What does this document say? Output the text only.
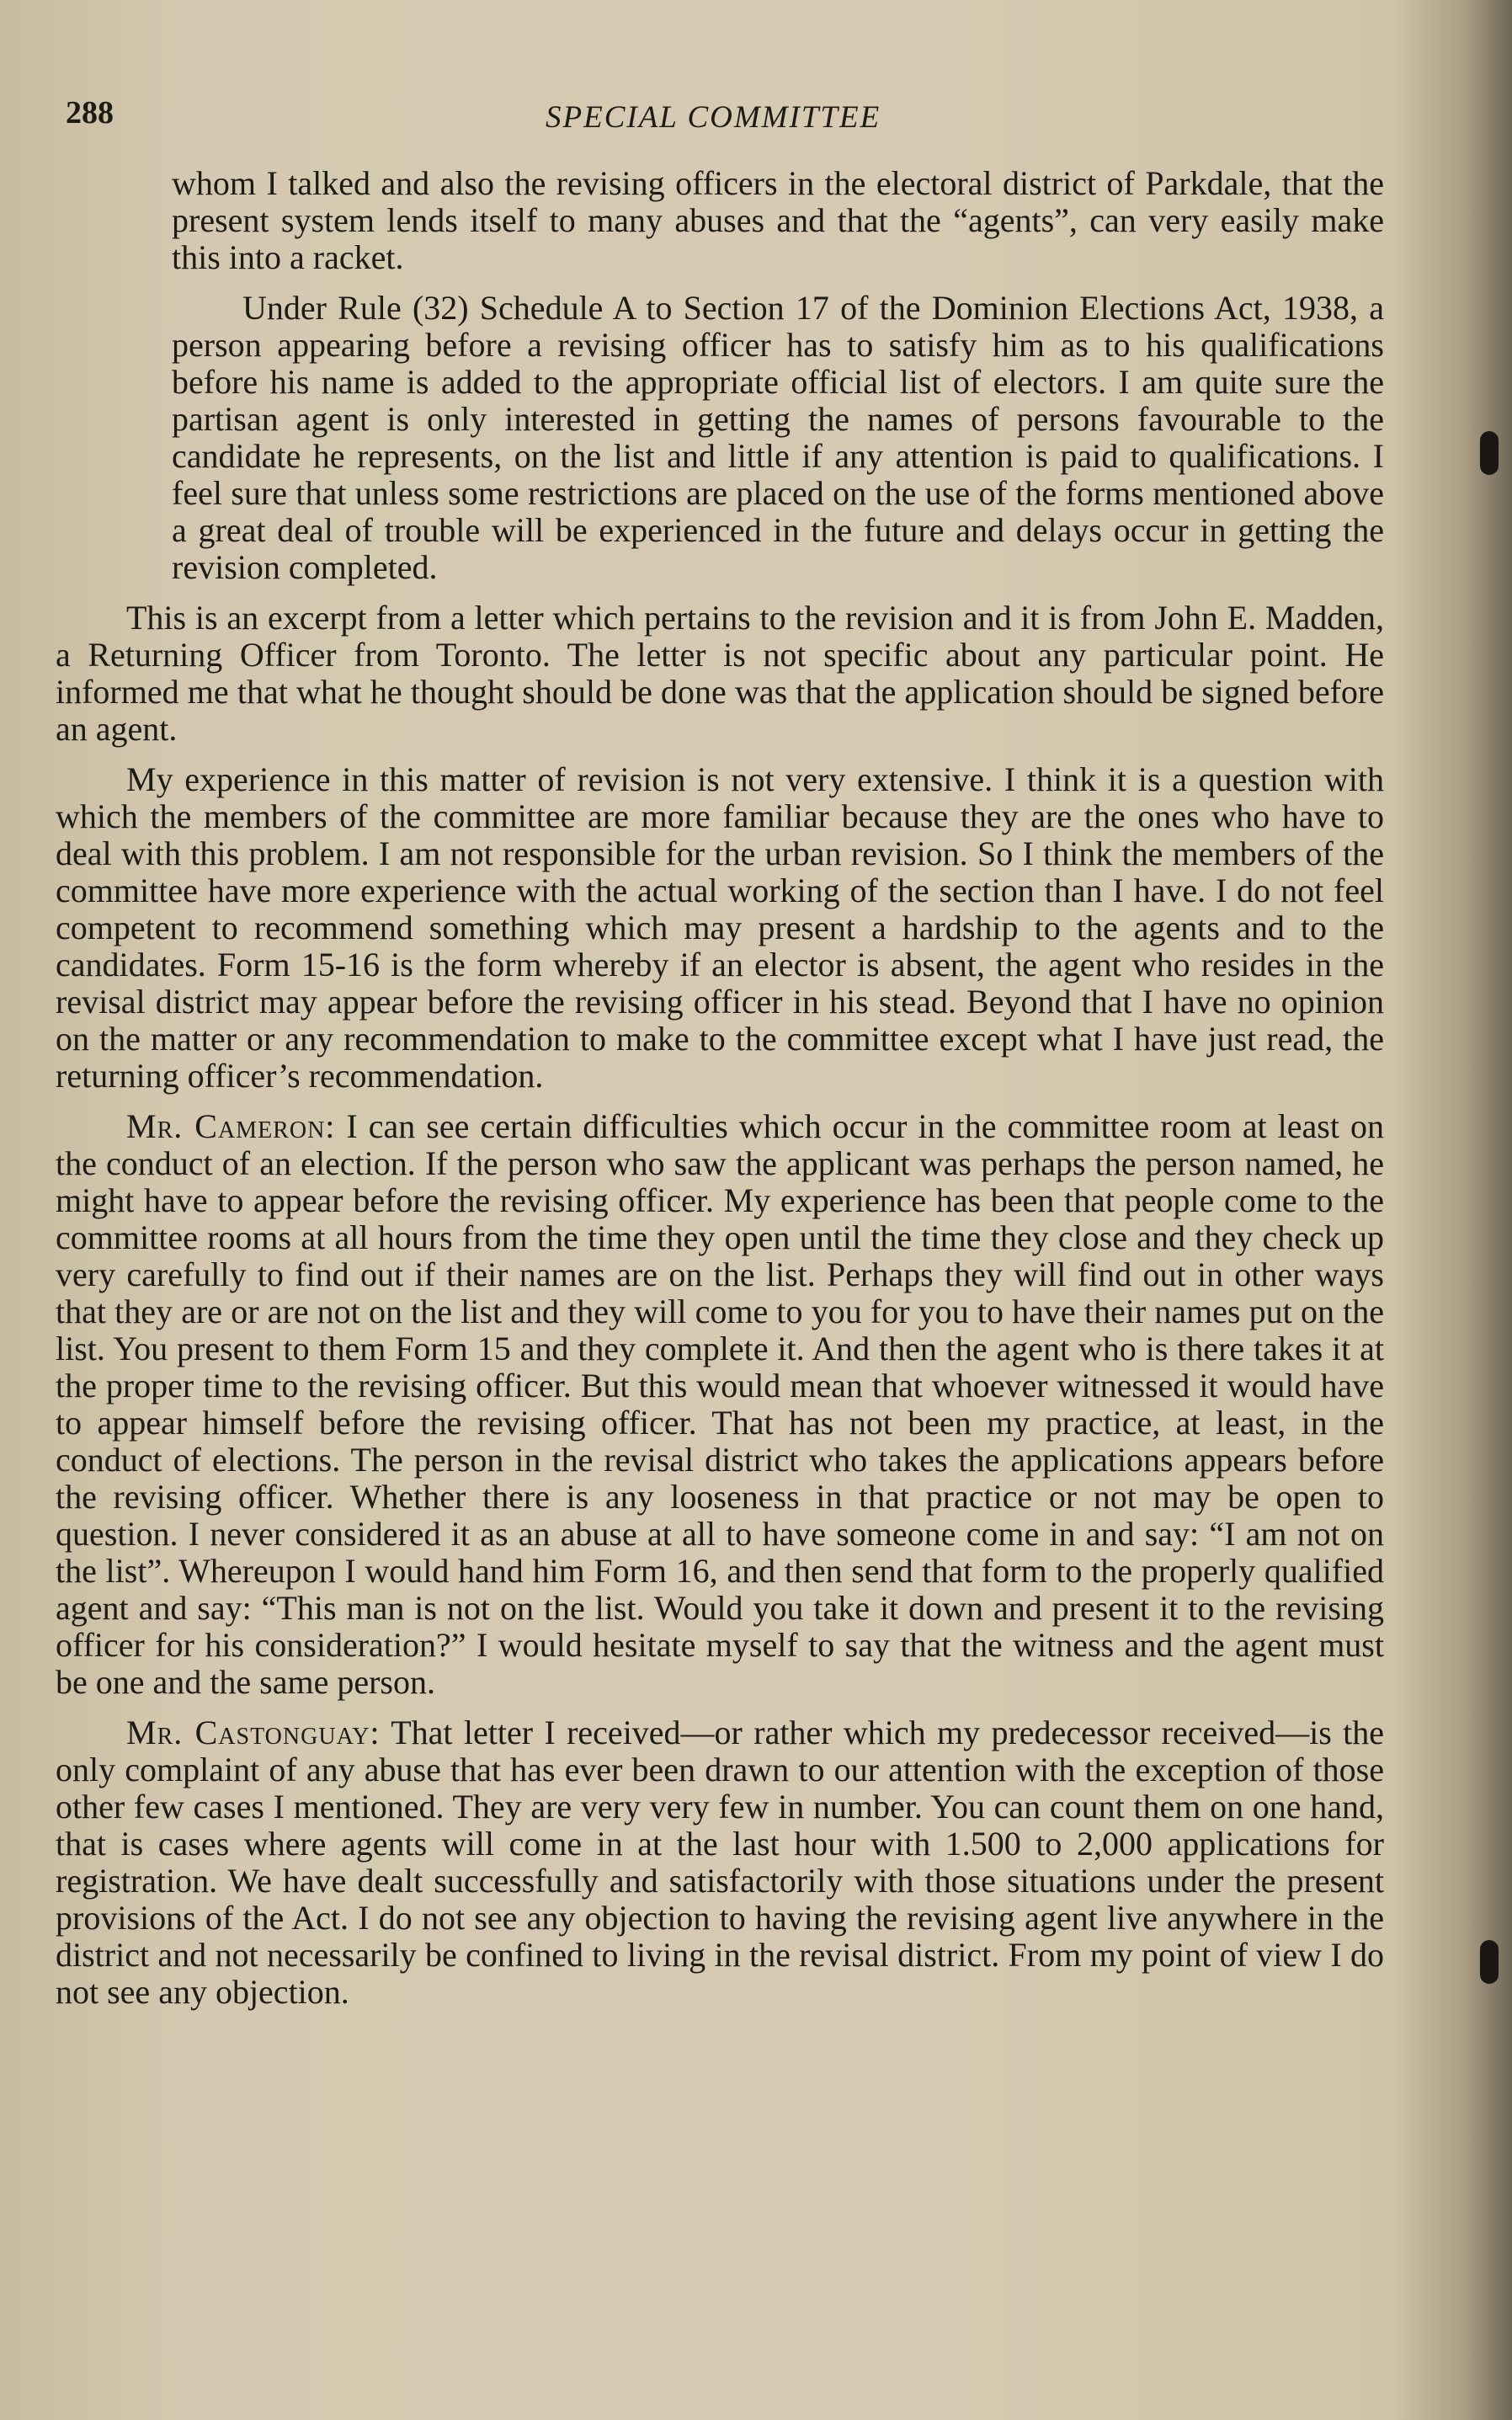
288	SPECIAL COMMITTEE

whom I talked and also the revising officers in the electoral district of Parkdale, that the present system lends itself to many abuses and that the “agents”, can very easily make this into a racket.

Under Rule (32) Schedule A to Section 17 of the Dominion Elections Act, 1938, a person appearing before a revising officer has to satisfy him as to his qualifications before his name is added to the appropriate official list of electors. I am quite sure the partisan agent is only interested in getting the names of persons favourable to the candidate he represents, on the list and little if any attention is paid to qualifications. I feel sure that unless some restrictions are placed on the use of the forms mentioned above a great deal of trouble will be experienced in the future and delays occur in getting the revision completed.

This is an excerpt from a letter which pertains to the revision and it is from John E. Madden, a Returning Officer from Toronto. The letter is not specific about any particular point. He informed me that what he thought should be done was that the application should be signed before an agent.

My experience in this matter of revision is not very extensive. I think it is a question with which the members of the committee are more familiar because they are the ones who have to deal with this problem. I am not responsible for the urban revision. So I think the members of the committee have more experience with the actual working of the section than I have. I do not feel competent to recommend something which may present a hardship to the agents and to the candidates. Form 15-16 is the form whereby if an elector is absent, the agent who resides in the revisal district may appear before the revising officer in his stead. Beyond that I have no opinion on the matter or any recommendation to make to the committee except what I have just read, the returning officer’s recommendation.

Mr. Cameron: I can see certain difficulties which occur in the committee room at least on the conduct of an election. If the person who saw the applicant was perhaps the person named, he might have to appear before the revising officer. My experience has been that people come to the committee rooms at all hours from the time they open until the time they close and they check up very carefully to find out if their names are on the list. Perhaps they will find out in other ways that they are or are not on the list and they will come to you for you to have their names put on the list. You present to them Form 15 and they complete it. And then the agent who is there takes it at the proper time to the revising officer. But this would mean that whoever witnessed it would have to appear himself before the revising officer. That has not been my practice, at least, in the conduct of elections. The person in the revisal district who takes the applications appears before the revising officer. Whether there is any looseness in that practice or not may be open to question. I never considered it as an abuse at all to have someone come in and say: “I am not on the list”. Whereupon I would hand him Form 16, and then send that form to the properly qualified agent and say: “This man is not on the list. Would you take it down and present it to the revising officer for his consideration?” I would hesitate myself to say that the witness and the agent must be one and the same person.

Mr. Castonguay: That letter I received—or rather which my predecessor received—is the only complaint of any abuse that has ever been drawn to our attention with the exception of those other few cases I mentioned. They are very very few in number. You can count them on one hand, that is cases where agents will come in at the last hour with 1.500 to 2,000 applications for registration. We have dealt successfully and satisfactorily with those situations under the present provisions of the Act. I do not see any objection to having the revising agent live anywhere in the district and not necessarily be confined to living in the revisal district. From my point of view I do not see any objection.
